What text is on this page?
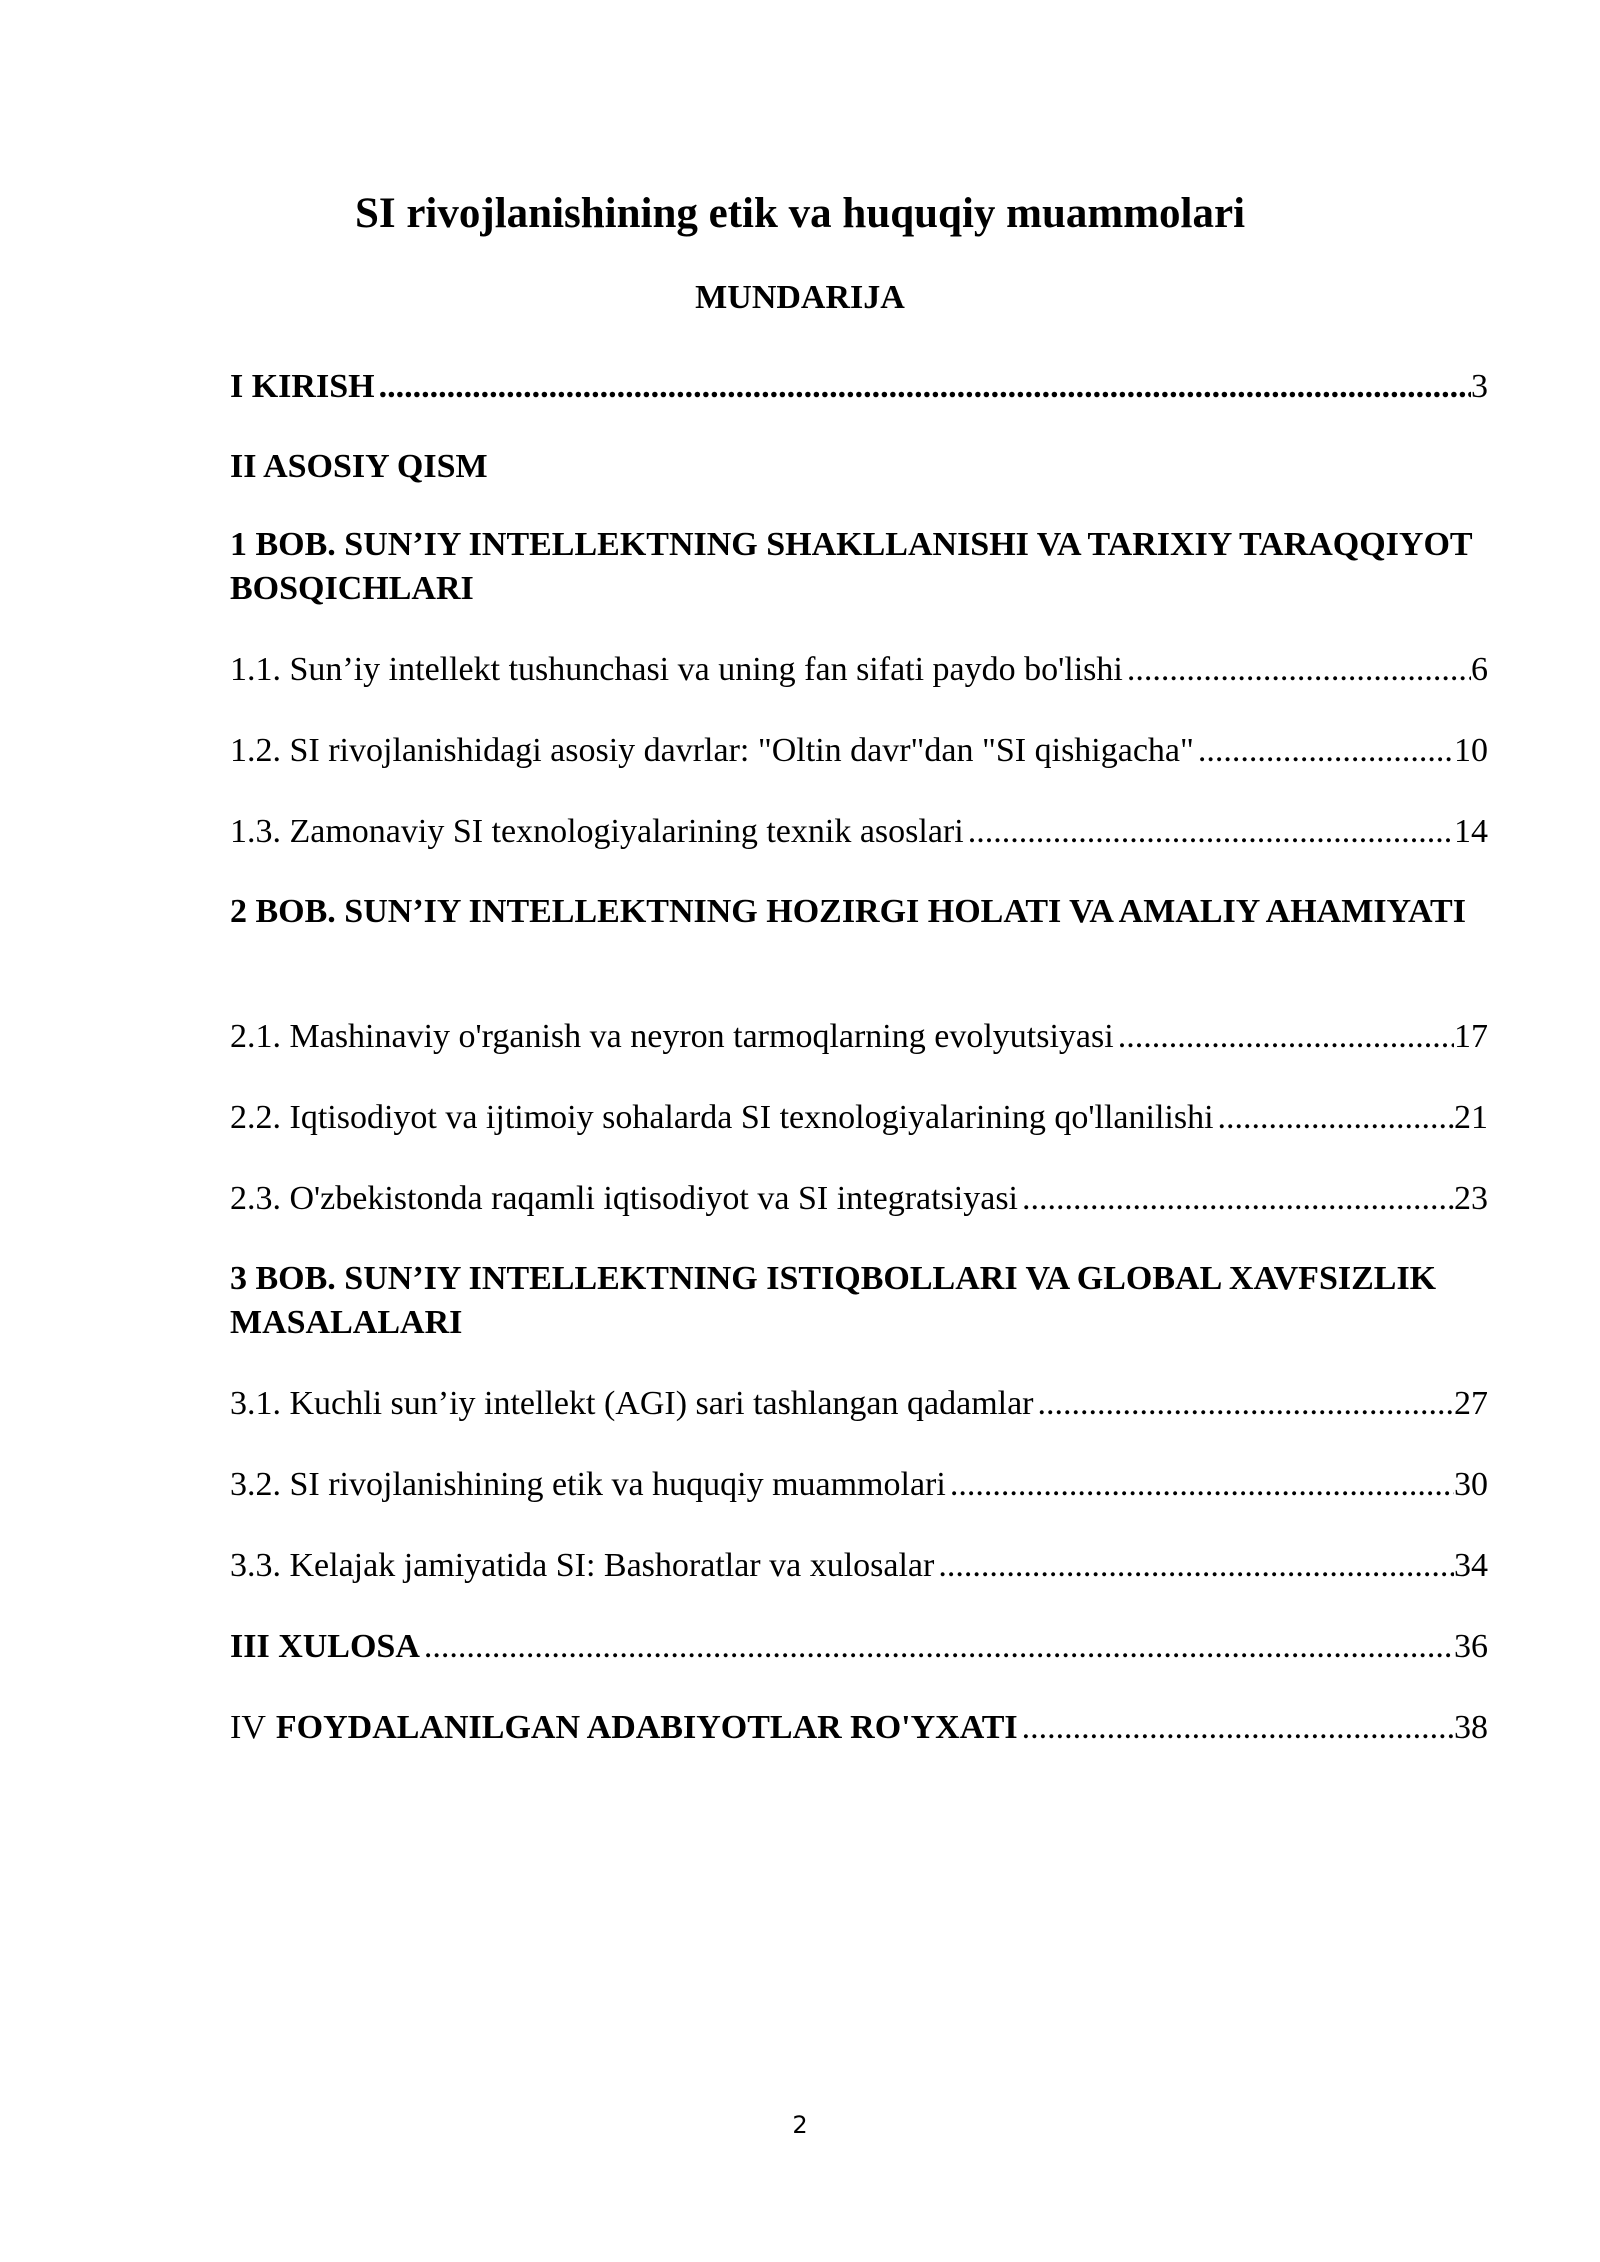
SI rivojlanishining etik va huquqiy muammolari
MUNDARIJA
I KIRISH .....	3
II ASOSIY QISM
1 BOB. SUN’IY INTELLEKTNING SHAKLLANISHI VA TARIXIY TARAQQIYOT BOSQICHLARI
1.1. Sun’iy intellekt tushunchasi va uning fan sifati paydo bo'lishi .....	6
1.2. SI rivojlanishidagi asosiy davrlar: "Oltin davr"dan "SI qishigacha" .....	10
1.3. Zamonaviy SI texnologiyalarining texnik asoslari .....	14
2 BOB. SUN’IY INTELLEKTNING HOZIRGI HOLATI VA AMALIY AHAMIYATI
2.1. Mashinaviy o'rganish va neyron tarmoqlarning evolyutsiyasi .....	17
2.2. Iqtisodiyot va ijtimoiy sohalarda SI texnologiyalarining qo'llanilishi .....	21
2.3. O'zbekistonda raqamli iqtisodiyot va SI integratsiyasi .....	23
3 BOB. SUN’IY INTELLEKTNING ISTIQBOLLARI VA GLOBAL XAVFSIZLIK MASALALARI
3.1. Kuchli sun’iy intellekt (AGI) sari tashlangan qadamlar .....	27
3.2. SI rivojlanishining etik va huquqiy muammolari .....	30
3.3. Kelajak jamiyatida SI: Bashoratlar va xulosalar .....	34
III XULOSA .....	36
IV FOYDALANILGAN ADABIYOTLAR RO'YXATI .....	38
2
